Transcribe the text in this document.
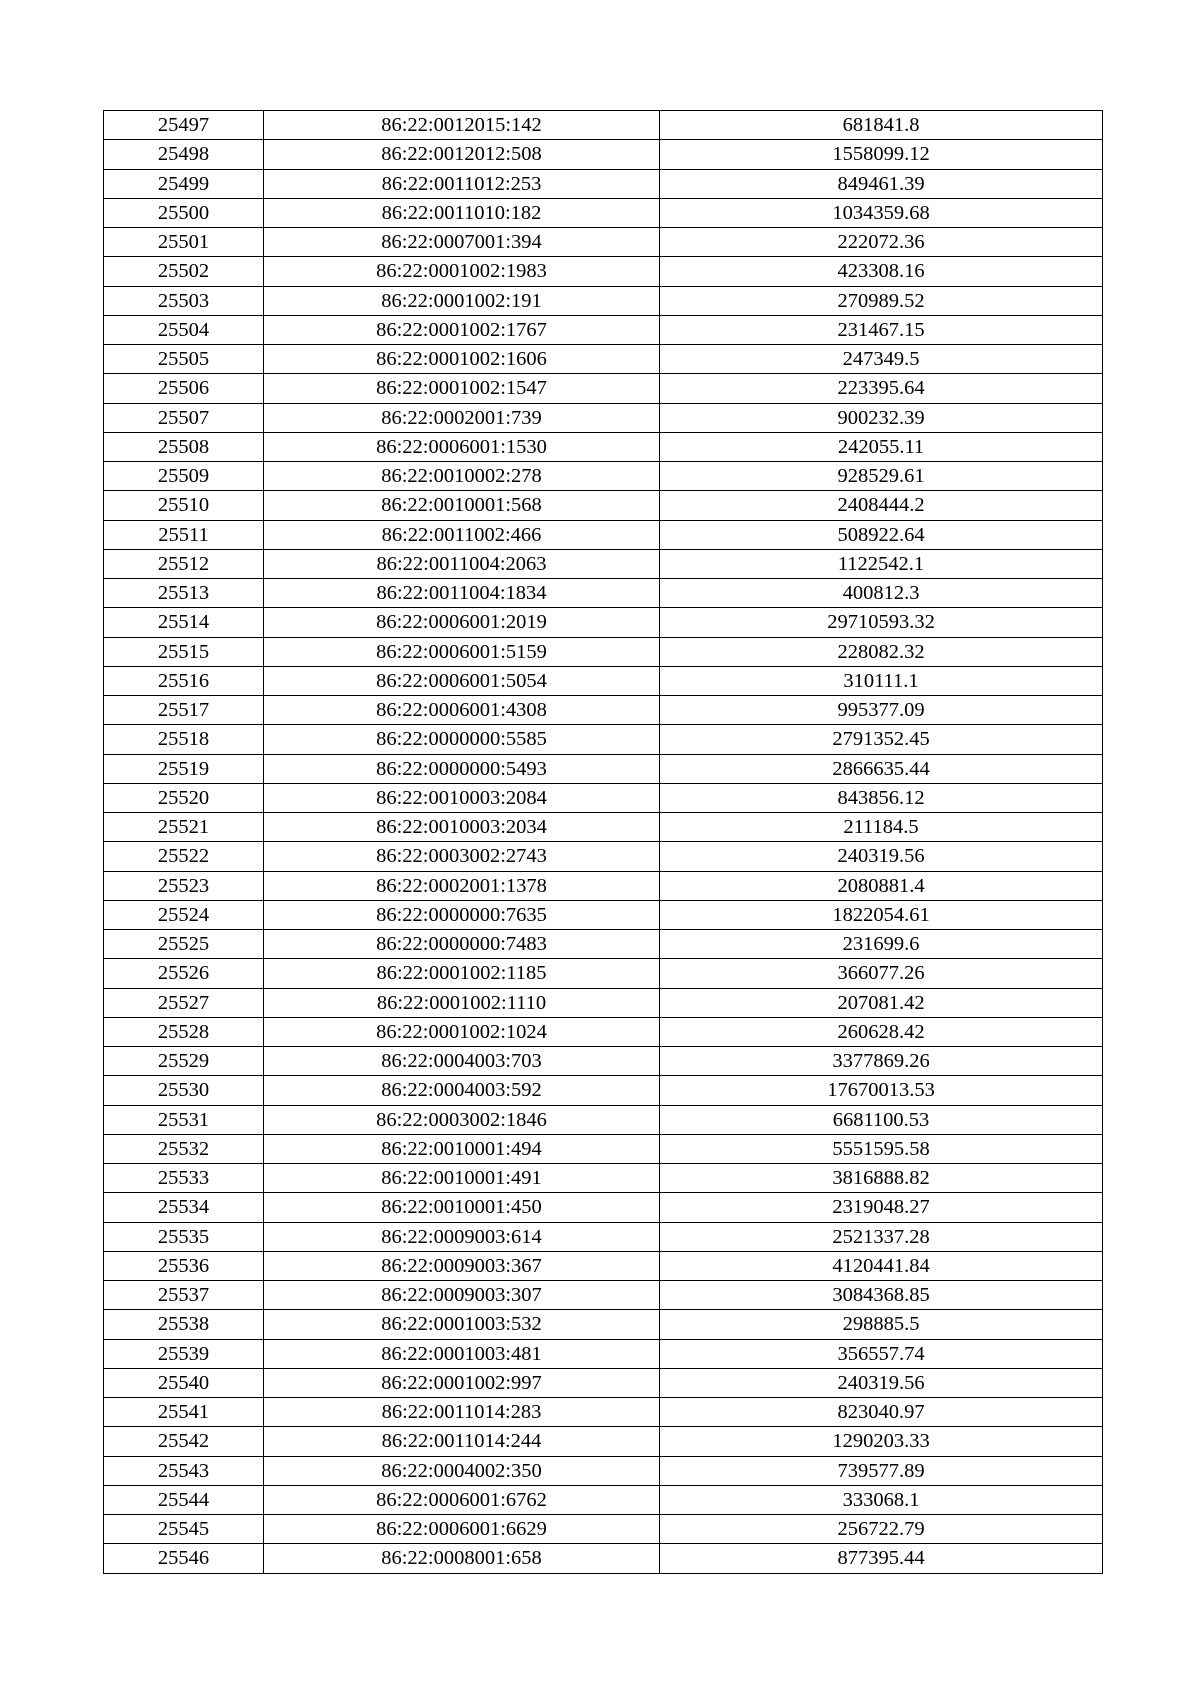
25497	86:22:0012015:142	681841.8
25498	86:22:0012012:508	1558099.12
25499	86:22:0011012:253	849461.39
25500	86:22:0011010:182	1034359.68
25501	86:22:0007001:394	222072.36
25502	86:22:0001002:1983	423308.16
25503	86:22:0001002:191	270989.52
25504	86:22:0001002:1767	231467.15
25505	86:22:0001002:1606	247349.5
25506	86:22:0001002:1547	223395.64
25507	86:22:0002001:739	900232.39
25508	86:22:0006001:1530	242055.11
25509	86:22:0010002:278	928529.61
25510	86:22:0010001:568	2408444.2
25511	86:22:0011002:466	508922.64
25512	86:22:0011004:2063	1122542.1
25513	86:22:0011004:1834	400812.3
25514	86:22:0006001:2019	29710593.32
25515	86:22:0006001:5159	228082.32
25516	86:22:0006001:5054	310111.1
25517	86:22:0006001:4308	995377.09
25518	86:22:0000000:5585	2791352.45
25519	86:22:0000000:5493	2866635.44
25520	86:22:0010003:2084	843856.12
25521	86:22:0010003:2034	211184.5
25522	86:22:0003002:2743	240319.56
25523	86:22:0002001:1378	2080881.4
25524	86:22:0000000:7635	1822054.61
25525	86:22:0000000:7483	231699.6
25526	86:22:0001002:1185	366077.26
25527	86:22:0001002:1110	207081.42
25528	86:22:0001002:1024	260628.42
25529	86:22:0004003:703	3377869.26
25530	86:22:0004003:592	17670013.53
25531	86:22:0003002:1846	6681100.53
25532	86:22:0010001:494	5551595.58
25533	86:22:0010001:491	3816888.82
25534	86:22:0010001:450	2319048.27
25535	86:22:0009003:614	2521337.28
25536	86:22:0009003:367	4120441.84
25537	86:22:0009003:307	3084368.85
25538	86:22:0001003:532	298885.5
25539	86:22:0001003:481	356557.74
25540	86:22:0001002:997	240319.56
25541	86:22:0011014:283	823040.97
25542	86:22:0011014:244	1290203.33
25543	86:22:0004002:350	739577.89
25544	86:22:0006001:6762	333068.1
25545	86:22:0006001:6629	256722.79
25546	86:22:0008001:658	877395.44
